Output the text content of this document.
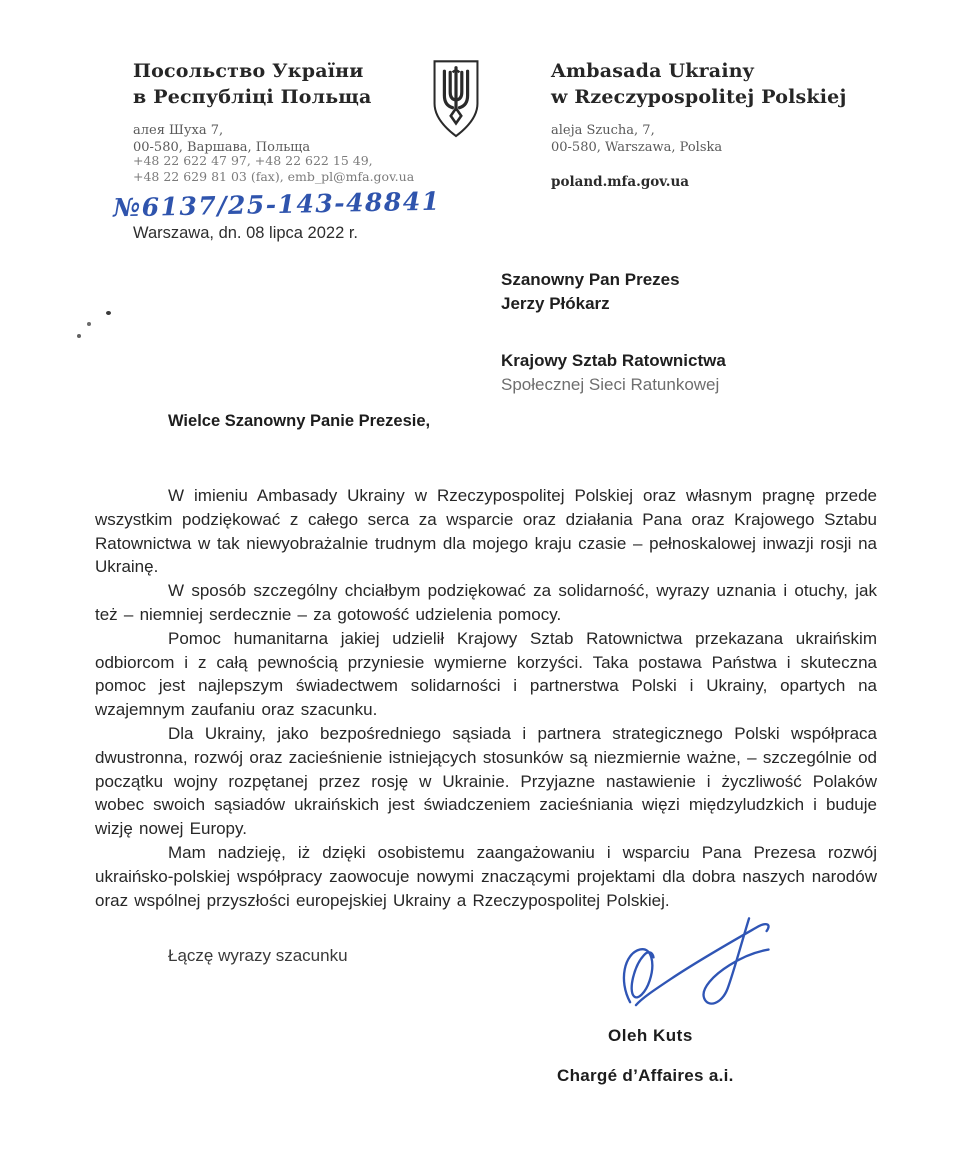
Посольство України
в Республіці Польща
алея Шуха 7,
00-580, Варшава, Польща
+48 22 622 47 97, +48 22 622 15 49,
+48 22 629 81 03 (fax), emb_pl@mfa.gov.ua
Ambasada Ukrainy
w Rzeczypospolitej Polskiej
aleja Szucha, 7,
00-580, Warszawa, Polska
poland.mfa.gov.ua
№6137/25-143-48841
Warszawa, dn. 08 lipca 2022 r.
Szanowny Pan Prezes
Jerzy Płókarz
Krajowy Sztab Ratownictwa
Społecznej Sieci Ratunkowej
Wielce Szanowny Panie Prezesie,

W imieniu Ambasady Ukrainy w Rzeczypospolitej Polskiej oraz własnym pragnę przede wszystkim podziękować z całego serca za wsparcie oraz działania Pana oraz Krajowego Sztabu Ratownictwa w tak niewyobrażalnie trudnym dla mojego kraju czasie – pełnoskalowej inwazji rosji na Ukrainę.

W sposób szczególny chciałbym podziękować za solidarność, wyrazy uznania i otuchy, jak też – niemniej serdecznie – za gotowość udzielenia pomocy.

Pomoc humanitarna jakiej udzielił Krajowy Sztab Ratownictwa przekazana ukraińskim odbiorcom i z całą pewnością przyniesie wymierne korzyści. Taka postawa Państwa i skuteczna pomoc jest najlepszym świadectwem solidarności i partnerstwa Polski i Ukrainy, opartych na wzajemnym zaufaniu oraz szacunku.

Dla Ukrainy, jako bezpośredniego sąsiada i partnera strategicznego Polski współpraca dwustronna, rozwój oraz zacieśnienie istniejących stosunków są niezmiernie ważne, – szczególnie od początku wojny rozpętanej przez rosję w Ukrainie. Przyjazne nastawienie i życzliwość Polaków wobec swoich sąsiadów ukraińskich jest świadczeniem zacieśniania więzi międzyludzkich i buduje wizję nowej Europy.

Mam nadzieję, iż dzięki osobistemu zaangażowaniu i wsparciu Pana Prezesa rozwój ukraińsko-polskiej współpracy zaowocuje nowymi znaczącymi projektami dla dobra naszych narodów oraz wspólnej przyszłości europejskiej Ukrainy a Rzeczypospolitej Polskiej.

Łączę wyrazy szacunku
Oleh Kuts
Chargé d’Affaires a.i.
